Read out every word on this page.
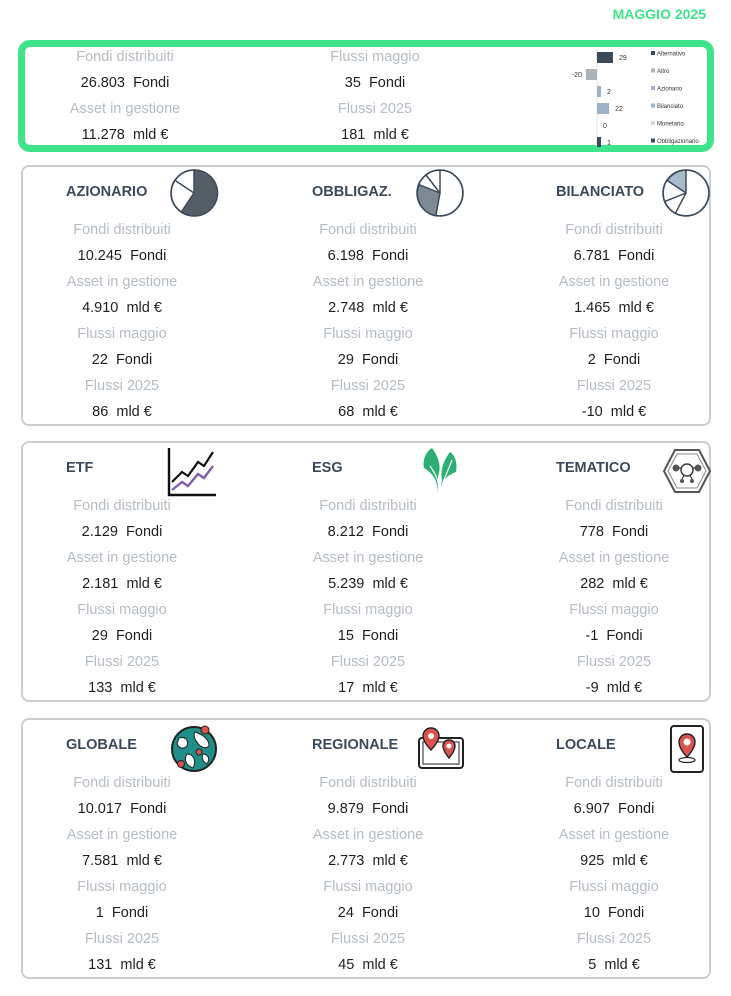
MAGGIO 2025
Fondi distribuiti
26.803 Fondi
Asset in gestione
11.278 mld €
Flussi maggio
35 Fondi
Flussi 2025
181 mld €
29
Alternativo
-20	Altro
2	Azionario
22	Bilanciato
0	Monetario
1	Obbligazionario
AZIONARIO
Fondi distribuiti
10.245 Fondi
Asset in gestione
4.910 mld €
Flussi maggio
22 Fondi
Flussi 2025
86 mld €
OBBLIGAZ.
Fondi distribuiti
6.198 Fondi
Asset in gestione
2.748 mld €
Flussi maggio
29 Fondi
Flussi 2025
68 mld €
BILANCIATO
Fondi distribuiti
6.781 Fondi
Asset in gestione
1.465 mld €
Flussi maggio
2 Fondi
Flussi 2025
-10 mld €
ETF
Fondi distribuiti
2.129 Fondi
Asset in gestione
2.181 mld €
Flussi maggio
29 Fondi
Flussi 2025
133 mld €
ESG
Fondi distribuiti
8.212 Fondi
Asset in gestione
5.239 mld €
Flussi maggio
15 Fondi
Flussi 2025
17 mld €
TEMATICO
Fondi distribuiti
778 Fondi
Asset in gestione
282 mld €
Flussi maggio
-1 Fondi
Flussi 2025
-9 mld €
GLOBALE
Fondi distribuiti
10.017 Fondi
Asset in gestione
7.581 mld €
Flussi maggio
1 Fondi
Flussi 2025
131 mld €
REGIONALE
Fondi distribuiti
9.879 Fondi
Asset in gestione
2.773 mld €
Flussi maggio
24 Fondi
Flussi 2025
45 mld €
LOCALE
Fondi distribuiti
6.907 Fondi
Asset in gestione
925 mld €
Flussi maggio
10 Fondi
Flussi 2025
5 mld €
